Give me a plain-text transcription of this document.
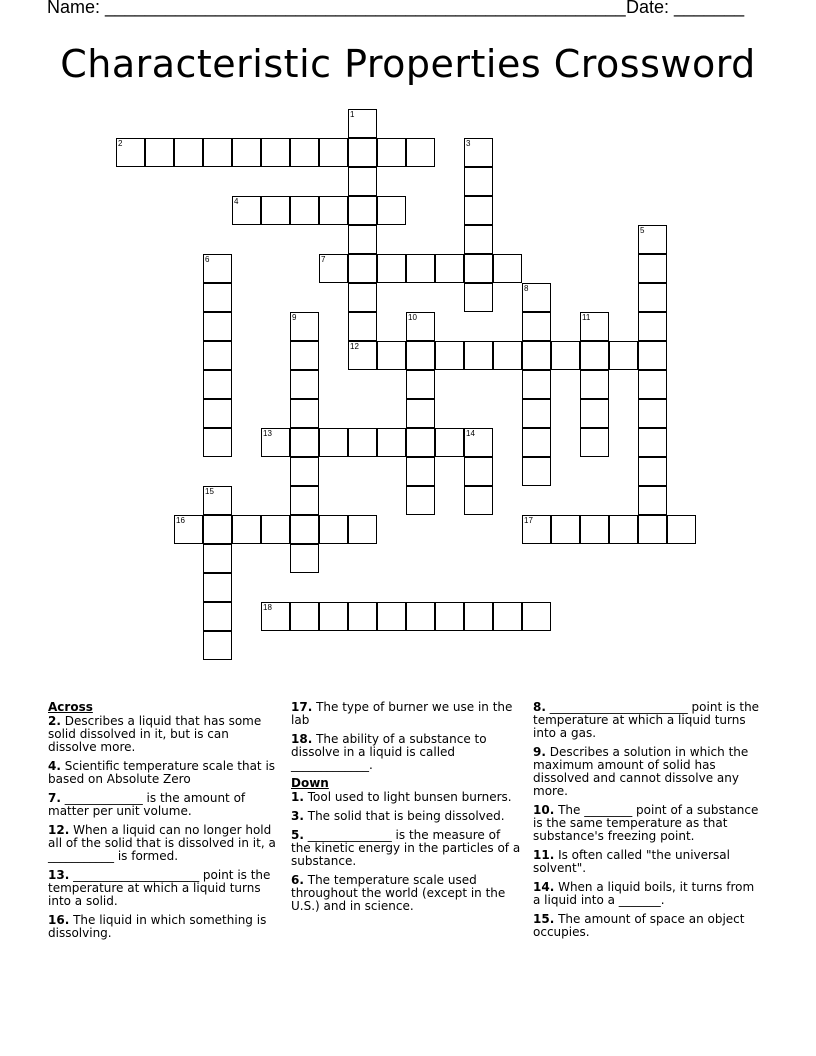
Name: ____________________________________________________ Date: _______
Characteristic Properties Crossword
2
4
7
12
13	14
16	17
18
1
3
5
6
8
9	10	11
15
Across
2. Describes a liquid that has some solid dissolved in it, but is can dissolve more.
4. Scientific temperature scale that is based on Absolute Zero
7. _____________ is the amount of matter per unit volume.
12. When a liquid can no longer hold all of the solid that is dissolved in it, a ___________ is formed.
13. _____________________ point is the temperature at which a liquid turns into a solid.
16. The liquid in which something is dissolving.
17. The type of burner we use in the lab
18. The ability of a substance to dissolve in a liquid is called _____________.
Down
1. Tool used to light bunsen burners.
3. The solid that is being dissolved.
5. ______________ is the measure of the kinetic energy in the particles of a substance.
6. The temperature scale used throughout the world (except in the U.S.) and in science.
8. _______________________ point is the temperature at which a liquid turns into a gas.
9. Describes a solution in which the maximum amount of solid has dissolved and cannot dissolve any more.
10. The ________ point of a substance is the same temperature as that substance's freezing point.
11. Is often called "the universal solvent".
14. When a liquid boils, it turns from a liquid into a _______.
15. The amount of space an object occupies.
